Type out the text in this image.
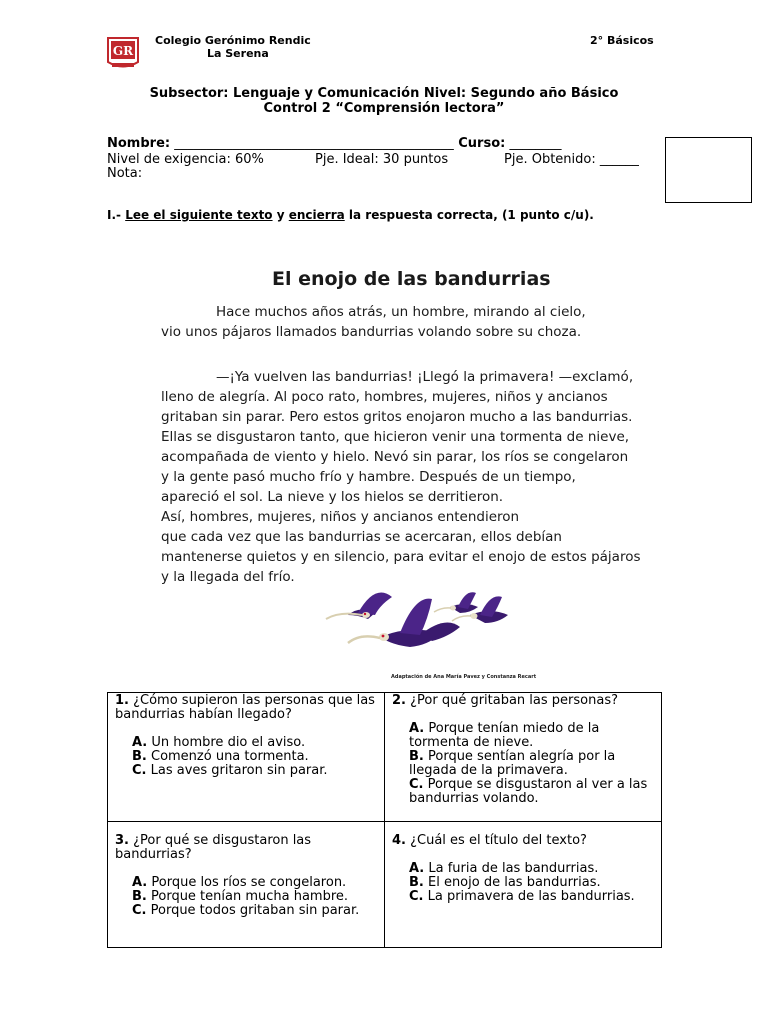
GR
Colegio Gerónimo Rendic
La Serena
2° Básicos
Subsector: Lenguaje y Comunicación Nivel: Segundo año Básico
Control 2 “Comprensión lectora”
Nombre: ___________________________________________ Curso: ________
Nivel de exigencia: 60%	Pje. Ideal: 30 puntos	Pje. Obtenido: ______
Nota:
I.- Lee el siguiente texto y encierra la respuesta correcta, (1 punto c/u).
El enojo de las bandurrias
Hace muchos años atrás, un hombre, mirando al cielo,
vio unos pájaros llamados bandurrias volando sobre su choza.
—¡Ya vuelven las bandurrias! ¡Llegó la primavera! —exclamó,
lleno de alegría. Al poco rato, hombres, mujeres, niños y ancianos
gritaban sin parar. Pero estos gritos enojaron mucho a las bandurrias.
Ellas se disgustaron tanto, que hicieron venir una tormenta de nieve,
acompañada de viento y hielo. Nevó sin parar, los ríos se congelaron
y la gente pasó mucho frío y hambre. Después de un tiempo,
apareció el sol. La nieve y los hielos se derritieron.
Así, hombres, mujeres, niños y ancianos entendieron
que cada vez que las bandurrias se acercaran, ellos debían
mantenerse quietos y en silencio, para evitar el enojo de estos pájaros
y la llegada del frío.
Adaptación de Ana María Pavez y Constanza Recart
1. ¿Cómo supieron las personas que las bandurrias habían llegado?
A. Un hombre dio el aviso.
B. Comenzó una tormenta.
C. Las aves gritaron sin parar.
2. ¿Por qué gritaban las personas?
A. Porque tenían miedo de la tormenta de nieve.
B. Porque sentían alegría por la llegada de la primavera.
C. Porque se disgustaron al ver a las bandurrias volando.
3. ¿Por qué se disgustaron las bandurrias?
A. Porque los ríos se congelaron.
B. Porque tenían mucha hambre.
C. Porque todos gritaban sin parar.
4. ¿Cuál es el título del texto?
A. La furia de las bandurrias.
B. El enojo de las bandurrias.
C. La primavera de las bandurrias.
